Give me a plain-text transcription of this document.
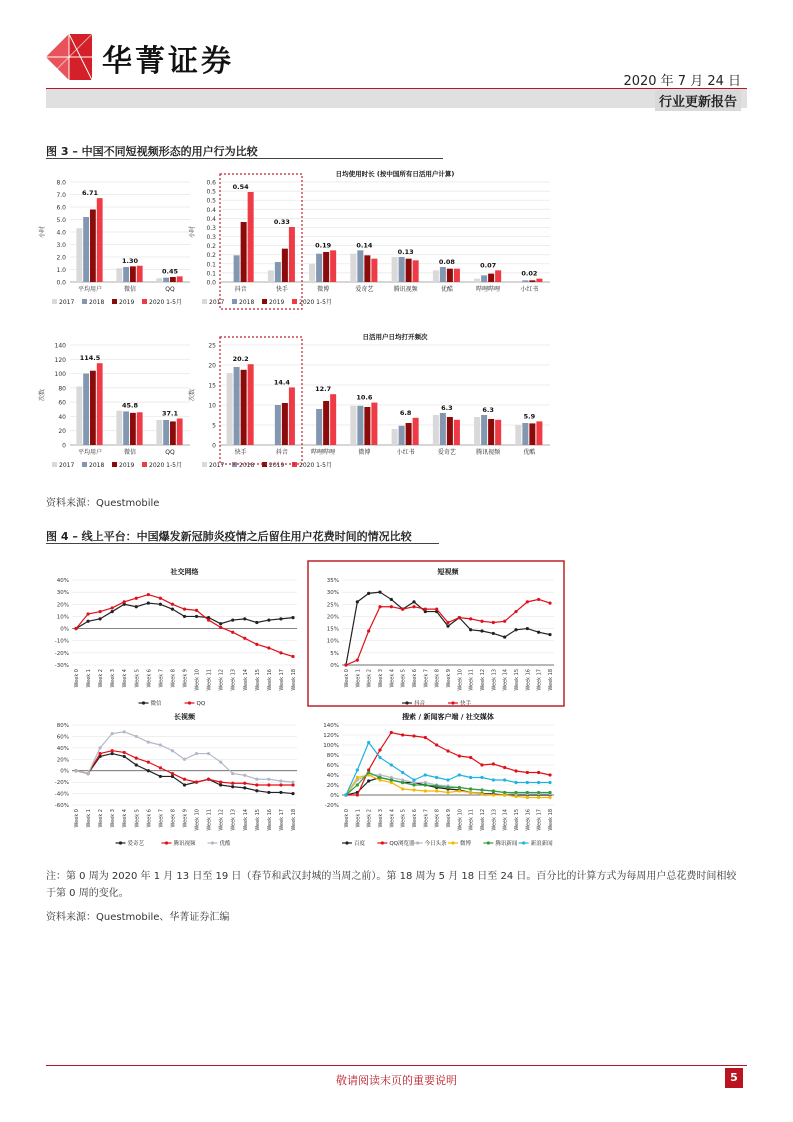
华菁证券
2020 年 7 月 24 日
行业更新报告
图 3 – 中国不同短视频形态的用户行为比较
0.0
1.0
2.0
3.0
4.0
5.0
6.0
7.0
8.0
小时
6.71
平均用户
1.30
微信
0.45
QQ
2017 2018 2019 2020 1-5月
0.0
0.1
0.1
0.2
0.2
0.3
0.3
0.4
0.4
0.5
0.5
0.6
小时
日均使用时长 (按中国所有日活用户计算)
0.54
抖音
0.33
快手
0.19
微博
0.14
爱奇艺
0.13
腾讯视频
0.08
优酷
0.07
哔哩哔哩
0.02
小红书
2017 2018 2019 2020 1-5月
0
20
40
60
80
100
120
140
次数
114.5
平均用户
45.8
微信
37.1
QQ
2017 2018 2019 2020 1-5月
0
5
10
15
20
25
次数
日活用户日均打开频次
20.2
快手
14.4
抖音
12.7
哔哩哔哩
10.6
微博
6.8
小红书
6.3
爱奇艺
6.3
腾讯视频
5.9
优酷
2017 2018 2019 2020 1-5月
资料来源：Questmobile
图 4 – 线上平台：中国爆发新冠肺炎疫情之后留住用户花费时间的情况比较
社交网络
-30%
-20%
-10%
0%
10%
20%
30%
40%
Week 0 Week 1 Week 2 Week 3 Week 4 Week 5 Week 6 Week 7 Week 8 Week 9 Week 10 Week 11 Week 12 Week 13 Week 14 Week 15 Week 16 Week 17 Week 18
微信	QQ
短视频
0%
5%
10%
15%
20%
25%
30%
35%
Week 0 Week 1 Week 2 Week 3 Week 4 Week 5 Week 6 Week 7 Week 8 Week 9 Week 10 Week 11 Week 12 Week 13 Week 14 Week 15 Week 16 Week 17 Week 18
抖音	快手
长视频
-60%
-40%
-20%
0%
20%
40%
60%
80%
Week 0 Week 1 Week 2 Week 3 Week 4 Week 5 Week 6 Week 7 Week 8 Week 9 Week 10 Week 11 Week 12 Week 13 Week 14 Week 15 Week 16 Week 17 Week 18
爱奇艺	腾讯视频	优酷
搜索 / 新闻客户端 / 社交媒体
-20%
0%
20%
40%
60%
80%
100%
120%
140%
Week 0 Week 1 Week 2 Week 3 Week 4 Week 5 Week 6 Week 7 Week 8 Week 9 Week 10 Week 11 Week 12 Week 13 Week 14 Week 15 Week 16 Week 17 Week 18
百度	QQ浏览器 今日头条 微博	腾讯新闻 新浪新闻
注：第 0 周为 2020 年 1 月 13 日至 19 日（春节和武汉封城的当周之前）。第 18 周为 5 月 18 日至 24 日。百分比的计算方式为每周用户总花费时间相较于第 0 周的变化。
资料来源：Questmobile、华菁证券汇编
敬请阅读末页的重要说明	5
